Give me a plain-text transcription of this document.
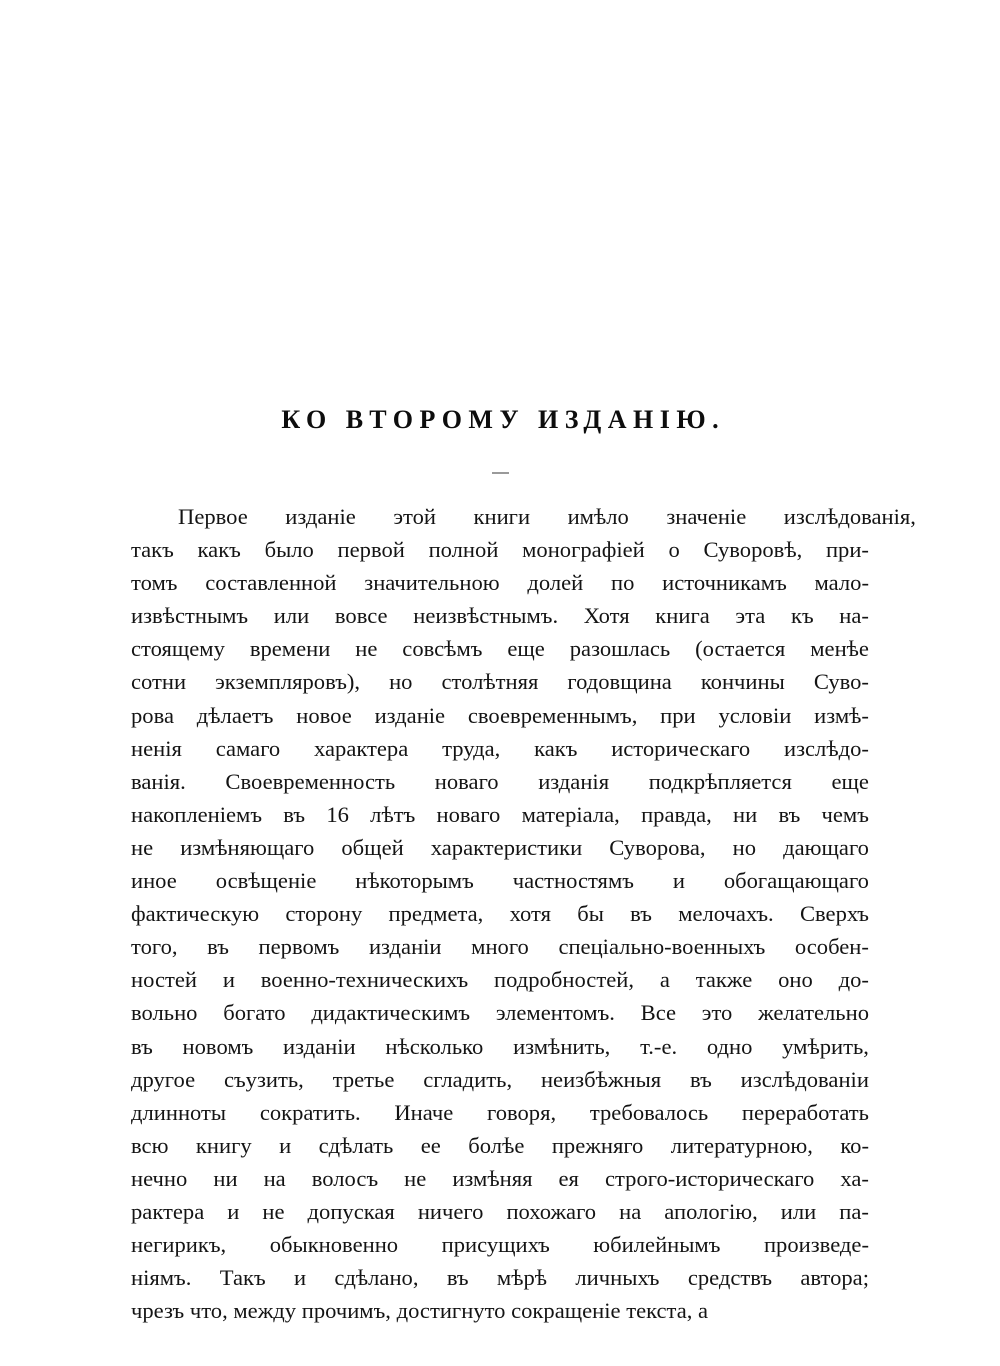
КО ВТОРОМУ ИЗДАНІЮ.
Первое изданіе этой книги имѣло значеніе изслѣдованія,
такъ какъ было первой полной монографіей о Суворовѣ, при-
томъ составленной значительною долей по источникамъ мало-
извѣстнымъ или вовсе неизвѣстнымъ. Хотя книга эта къ на-
стоящему времени не совсѣмъ еще разошлась (остается менѣе
сотни экземпляровъ), но столѣтняя годовщина кончины Суво-
рова дѣлаетъ новое изданіе своевременнымъ, при условіи измѣ-
ненія самаго характера труда, какъ историческаго изслѣдо-
ванія. Своевременность новаго изданія подкрѣпляется еще
накопленіемъ въ 16 лѣтъ новаго матеріала, правда, ни въ чемъ
не измѣняющаго общей характеристики Суворова, но дающаго
иное освѣщеніе нѣкоторымъ частностямъ и обогащающаго
фактическую сторону предмета, хотя бы въ мелочахъ. Сверхъ
того, въ первомъ изданіи много спеціально-военныхъ особен-
ностей и военно-техническихъ подробностей, а также оно до-
вольно богато дидактическимъ элементомъ. Все это желательно
въ новомъ изданіи нѣсколько измѣнить, т.-е. одно умѣрить,
другое съузить, третье сгладить, неизбѣжныя въ изслѣдованіи
длинноты сократить. Иначе говоря, требовалось переработать
всю книгу и сдѣлать ее болѣе прежняго литературною, ко-
нечно ни на волосъ не измѣняя ея строго-историческаго ха-
рактера и не допуская ничего похожаго на апологію, или па-
негирикъ, обыкновенно присущихъ юбилейнымъ произведе-
ніямъ. Такъ и сдѣлано, въ мѣрѣ личныхъ средствъ автора;
чрезъ что, между прочимъ, достигнуто сокращеніе текста, а
